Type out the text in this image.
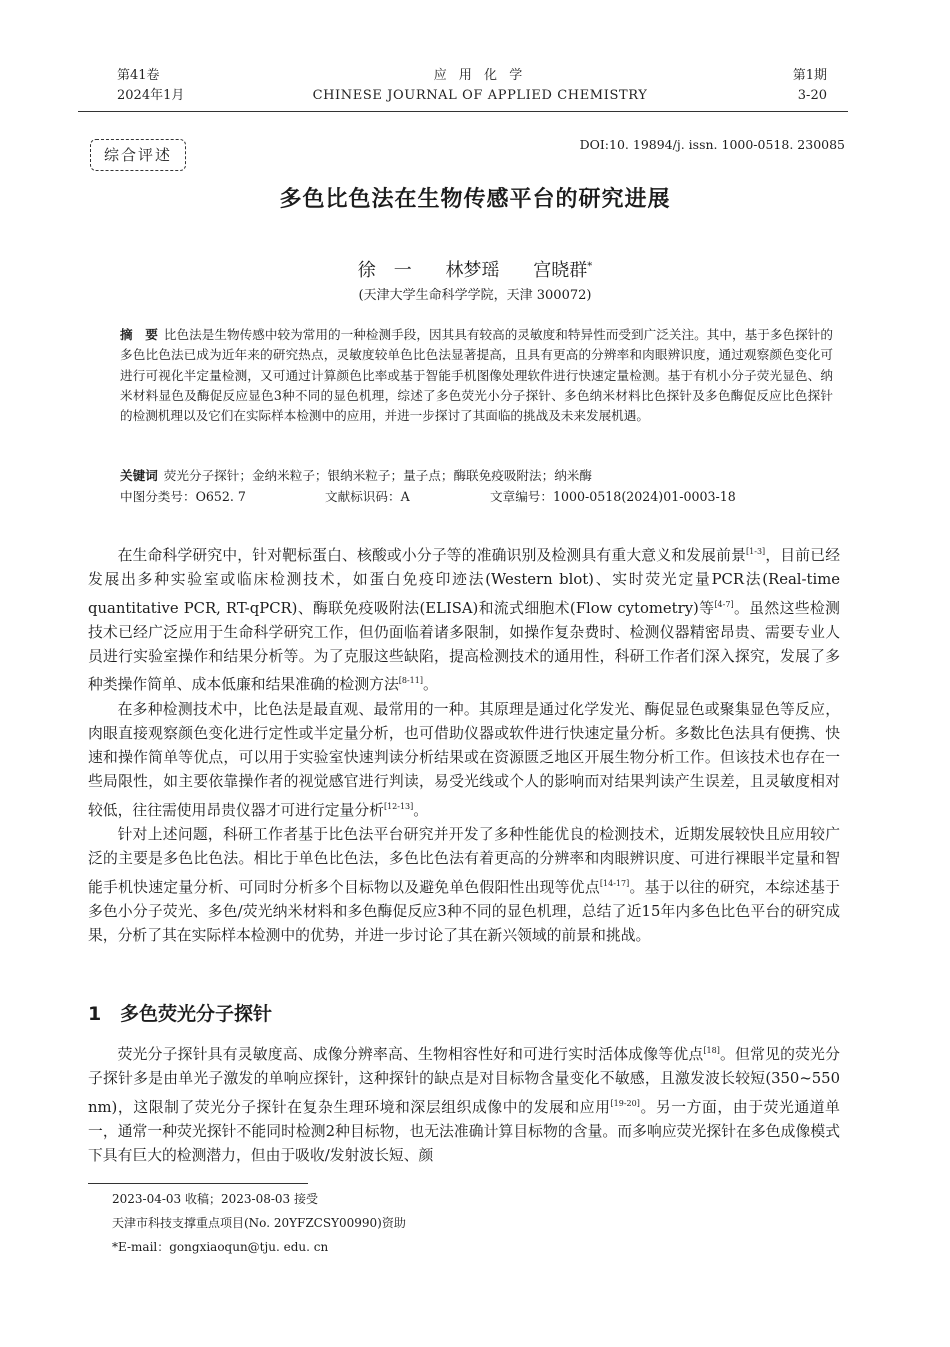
第41卷
2024年1月
应 用 化 学
CHINESE JOURNAL OF APPLIED CHEMISTRY
第1期
3-20
综合评述
DOI:10. 19894/j. issn. 1000-0518. 230085
多色比色法在生物传感平台的研究进展
徐　一 林梦瑶 宫晓群*
(天津大学生命科学学院，天津 300072)
摘　要 比色法是生物传感中较为常用的一种检测手段，因其具有较高的灵敏度和特异性而受到广泛关注。其中，基于多色探针的多色比色法已成为近年来的研究热点，灵敏度较单色比色法显著提高，且具有更高的分辨率和肉眼辨识度，通过观察颜色变化可进行可视化半定量检测，又可通过计算颜色比率或基于智能手机图像处理软件进行快速定量检测。基于有机小分子荧光显色、纳米材料显色及酶促反应显色3种不同的显色机理，综述了多色荧光小分子探针、多色纳米材料比色探针及多色酶促反应比色探针的检测机理以及它们在实际样本检测中的应用，并进一步探讨了其面临的挑战及未来发展机遇。
关键词 荧光分子探针；金纳米粒子；银纳米粒子；量子点；酶联免疫吸附法；纳米酶
中图分类号：O652. 7	文献标识码：A	文章编号：1000-0518(2024)01-0003-18

在生命科学研究中，针对靶标蛋白、核酸或小分子等的准确识别及检测具有重大意义和发展前景[1-3]，目前已经发展出多种实验室或临床检测技术，如蛋白免疫印迹法(Western blot)、实时荧光定量PCR法(Real-time quantitative PCR, RT-qPCR)、酶联免疫吸附法(ELISA)和流式细胞术(Flow cytometry)等[4-7]。虽然这些检测技术已经广泛应用于生命科学研究工作，但仍面临着诸多限制，如操作复杂费时、检测仪器精密昂贵、需要专业人员进行实验室操作和结果分析等。为了克服这些缺陷，提高检测技术的通用性，科研工作者们深入探究，发展了多种类操作简单、成本低廉和结果准确的检测方法[8-11]。

在多种检测技术中，比色法是最直观、最常用的一种。其原理是通过化学发光、酶促显色或聚集显色等反应，肉眼直接观察颜色变化进行定性或半定量分析，也可借助仪器或软件进行快速定量分析。多数比色法具有便携、快速和操作简单等优点，可以用于实验室快速判读分析结果或在资源匮乏地区开展生物分析工作。但该技术也存在一些局限性，如主要依靠操作者的视觉感官进行判读，易受光线或个人的影响而对结果判读产生误差，且灵敏度相对较低，往往需使用昂贵仪器才可进行定量分析[12-13]。

针对上述问题，科研工作者基于比色法平台研究并开发了多种性能优良的检测技术，近期发展较快且应用较广泛的主要是多色比色法。相比于单色比色法，多色比色法有着更高的分辨率和肉眼辨识度、可进行裸眼半定量和智能手机快速定量分析、可同时分析多个目标物以及避免单色假阳性出现等优点[14-17]。基于以往的研究，本综述基于多色小分子荧光、多色/荧光纳米材料和多色酶促反应3种不同的显色机理，总结了近15年内多色比色平台的研究成果，分析了其在实际样本检测中的优势，并进一步讨论了其在新兴领域的前景和挑战。

1 多色荧光分子探针

荧光分子探针具有灵敏度高、成像分辨率高、生物相容性好和可进行实时活体成像等优点[18]。但常见的荧光分子探针多是由单光子激发的单响应探针，这种探针的缺点是对目标物含量变化不敏感，且激发波长较短(350~550 nm)，这限制了荧光分子探针在复杂生理环境和深层组织成像中的发展和应用[19-20]。另一方面，由于荧光通道单一，通常一种荧光探针不能同时检测2种目标物，也无法准确计算目标物的含量。而多响应荧光探针在多色成像模式下具有巨大的检测潜力，但由于吸收/发射波长短、颜

2023-04-03 收稿；2023-08-03 接受
天津市科技支撑重点项目(No. 20YFZCSY00990)资助
*E-mail：gongxiaoqun@tju. edu. cn
